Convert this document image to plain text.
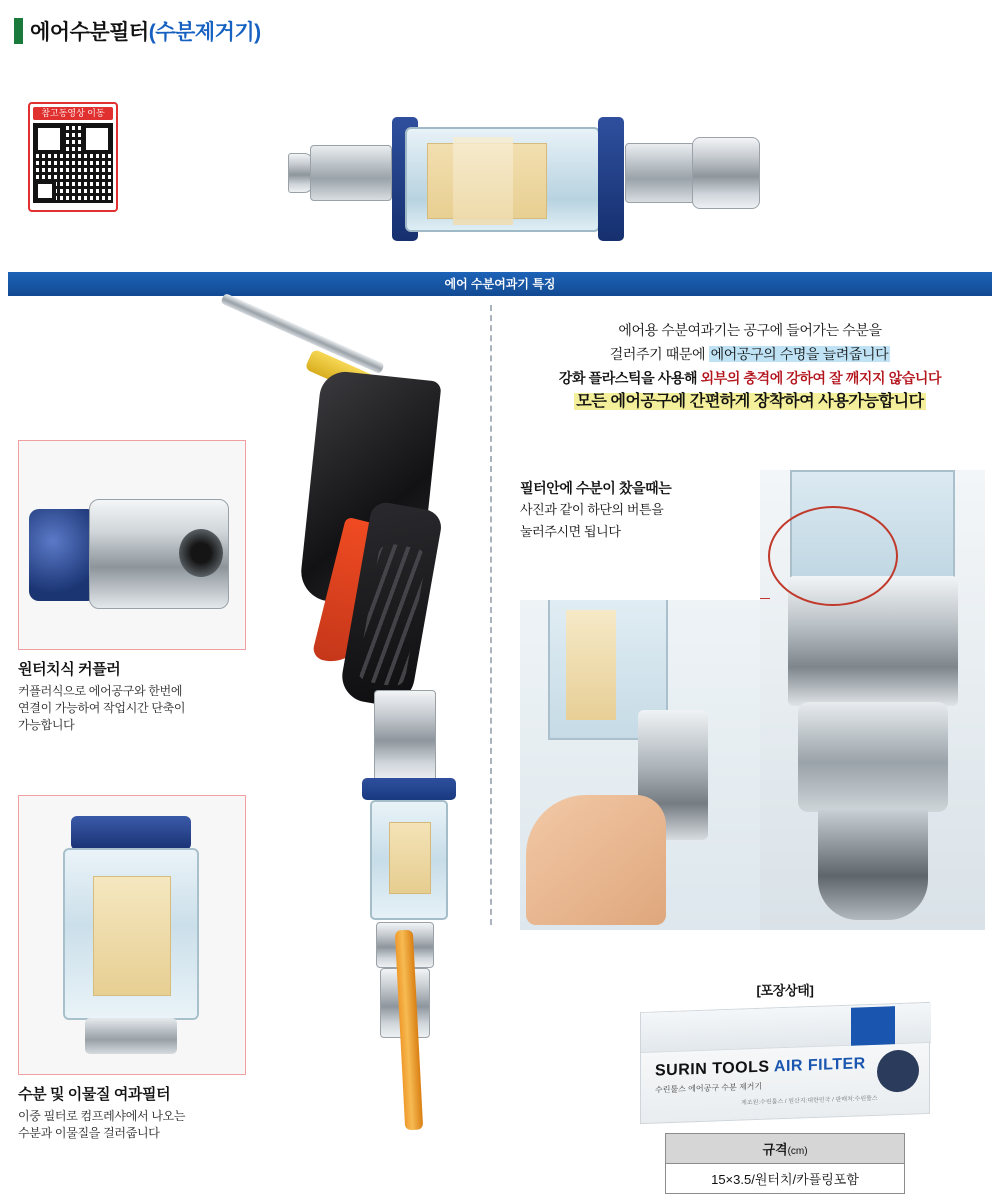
에어수분필터(수분제거기)
참고동영상 이동
에어 수분여과기 특징
원터치식 커플러
커플러식으로 에어공구와 한번에
연결이 가능하여 작업시간 단축이
가능합니다
수분 및 이물질 여과필터
이중 필터로 컴프레샤에서 나오는
수분과 이물질을 걸러줍니다
에어용 수분여과기는 공구에 들어가는 수분을
걸러주기 때문에 에어공구의 수명을 늘려줍니다
강화 플라스틱을 사용해 외부의 충격에 강하여 잘 깨지지 않습니다
모든 에어공구에 간편하게 장착하여 사용가능합니다
필터안에 수분이 찼을때는
사진과 같이 하단의 버튼을
눌러주시면 됩니다
[포장상태]
SURIN TOOLS AIR FILTER
수린툴스 에어공구 수분 제거기
제조원:수린툴스 / 원산지:대한민국 / 판매처:수린툴스
규격(cm)
15×3.5/원터치/카플링포함
